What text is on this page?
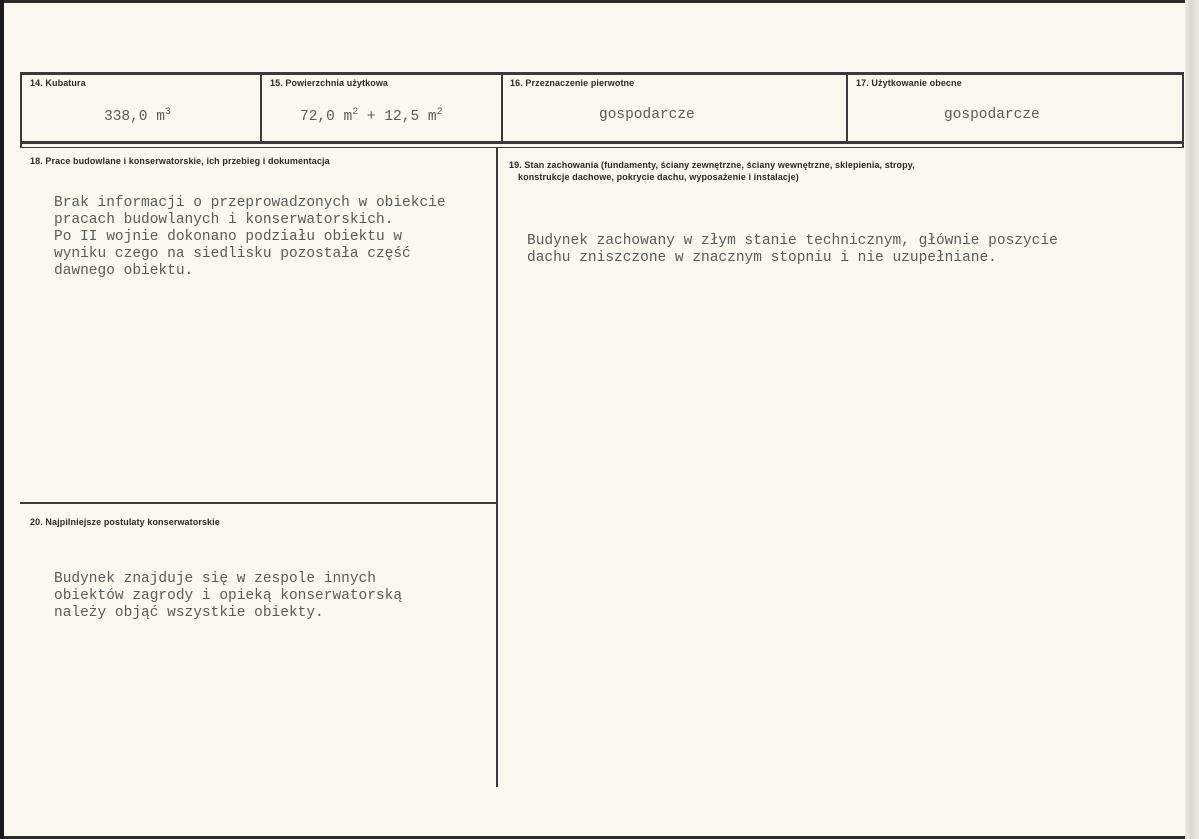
14. Kubatura
338,0 $m^3$
15. Powierzchnia użytkowa
72,0 $m^2 + 12,5$ $m^2$
16. Przeznaczenie pierwotne
gospodarcze
17. Użytkowanie obecne
gospodarcze
18. Prace budowlane i konserwatorskie, ich przebieg i dokumentacja
Brak informacji o przeprowadzonych w obiekcie
pracach budowlanych i konserwatorskich.
Po II wojnie dokonano podziału obiektu w
wyniku czego na siedlisku pozostała część
dawnego obiektu.
19. Stan zachowania (fundamenty, ściany zewnętrzne, ściany wewnętrzne, sklepienia, stropy,
konstrukcje dachowe, pokrycie dachu, wyposażenie i instalacje)
Budynek zachowany w złym stanie technicznym, głównie poszycie
dachu zniszczone w znacznym stopniu i nie uzupełniane.
20. Najpilniejsze postulaty konserwatorskie
Budynek znajduje się w zespole innych
obiektów zagrody i opieką konserwatorską
należy objąć wszystkie obiekty.
